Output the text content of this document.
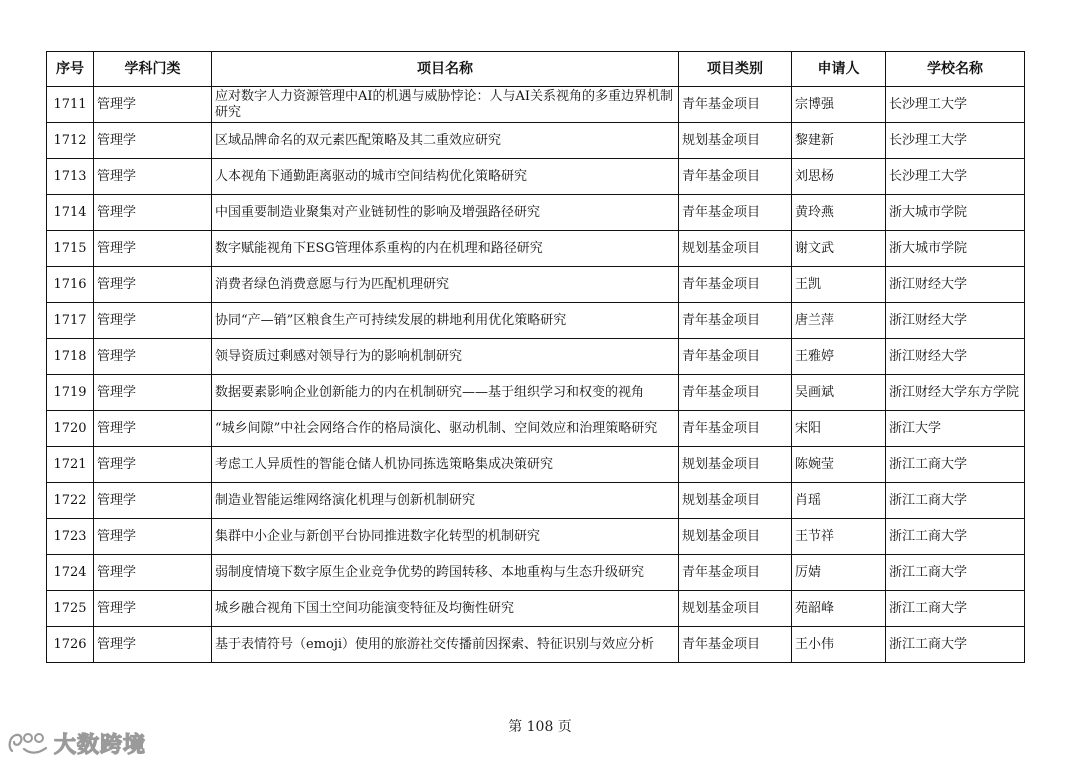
序号	学科门类	项目名称	项目类别	申请人	学校名称
1711	管理学	应对数字人力资源管理中AI的机遇与威胁悖论：人与AI关系视角的多重边界机制研究	青年基金项目	宗博强	长沙理工大学
1712	管理学	区域品牌命名的双元素匹配策略及其二重效应研究	规划基金项目	黎建新	长沙理工大学
1713	管理学	人本视角下通勤距离驱动的城市空间结构优化策略研究	青年基金项目	刘思杨	长沙理工大学
1714	管理学	中国重要制造业聚集对产业链韧性的影响及增强路径研究	青年基金项目	黄玲燕	浙大城市学院
1715	管理学	数字赋能视角下ESG管理体系重构的内在机理和路径研究	规划基金项目	谢文武	浙大城市学院
1716	管理学	消费者绿色消费意愿与行为匹配机理研究	青年基金项目	王凯	浙江财经大学
1717	管理学	协同“产—销”区粮食生产可持续发展的耕地利用优化策略研究	青年基金项目	唐兰萍	浙江财经大学
1718	管理学	领导资质过剩感对领导行为的影响机制研究	青年基金项目	王雅婷	浙江财经大学
1719	管理学	数据要素影响企业创新能力的内在机制研究——基于组织学习和权变的视角	青年基金项目	吴画斌	浙江财经大学东方学院
1720	管理学	“城乡间隙”中社会网络合作的格局演化、驱动机制、空间效应和治理策略研究	青年基金项目	宋阳	浙江大学
1721	管理学	考虑工人异质性的智能仓储人机协同拣选策略集成决策研究	规划基金项目	陈婉莹	浙江工商大学
1722	管理学	制造业智能运维网络演化机理与创新机制研究	规划基金项目	肖瑶	浙江工商大学
1723	管理学	集群中小企业与新创平台协同推进数字化转型的机制研究	规划基金项目	王节祥	浙江工商大学
1724	管理学	弱制度情境下数字原生企业竞争优势的跨国转移、本地重构与生态升级研究	青年基金项目	厉婧	浙江工商大学
1725	管理学	城乡融合视角下国土空间功能演变特征及均衡性研究	规划基金项目	苑韶峰	浙江工商大学
1726	管理学	基于表情符号（emoji）使用的旅游社交传播前因探索、特征识别与效应分析	青年基金项目	王小伟	浙江工商大学
第 108 页
大数跨境
